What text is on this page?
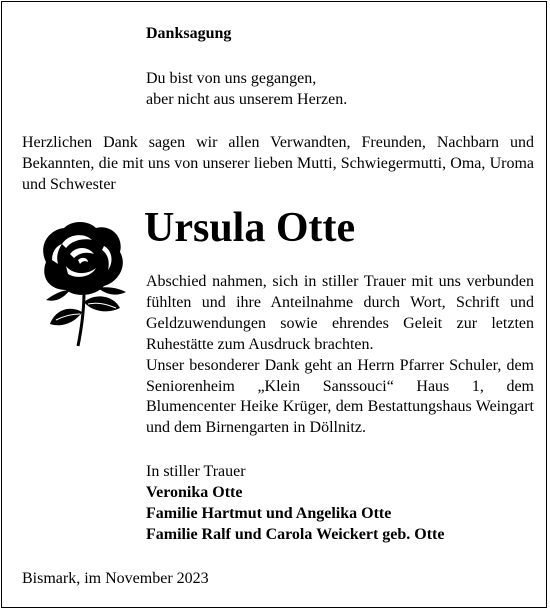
Danksagung
Du bist von uns gegangen,
aber nicht aus unserem Herzen.
Herzlichen Dank sagen wir allen Verwandten, Freunden, Nachbarn und Bekannten, die mit uns von unserer lieben Mutti, Schwiegermutti, Oma, Uroma und Schwester
Ursula Otte

Abschied nahmen, sich in stiller Trauer mit uns verbunden fühlten und ihre Anteilnahme durch Wort, Schrift und Geldzuwendungen sowie ehrendes Geleit zur letzten Ruhestätte zum Ausdruck brachten.

Unser besonderer Dank geht an Herrn Pfarrer Schuler, dem Seniorenheim „Klein Sanssouci“ Haus 1, dem Blumencenter Heike Krüger, dem Bestattungshaus Weingart und dem Birnengarten in Döllnitz.

In stiller Trauer
Veronika Otte
Familie Hartmut und Angelika Otte
Familie Ralf und Carola Weickert geb. Otte
Bismark, im November 2023
